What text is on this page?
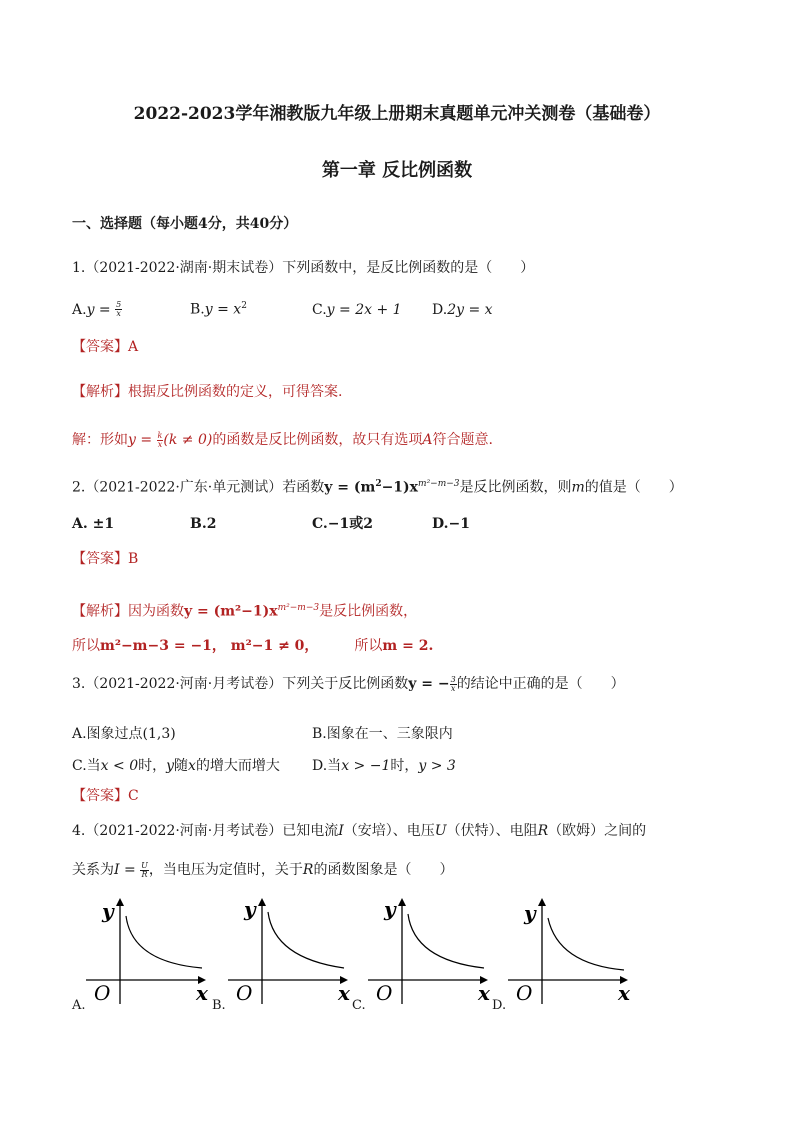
2022-2023学年湘教版九年级上册期末真题单元冲关测卷（基础卷）
第一章 反比例函数
一、选择题（每小题4分，共40分）
1.（2021-2022·湖南·期末试卷）下列函数中，是反比例函数的是（　　）
$A.y = \frac{5}{x}$	$B.y = x^2$	C.y = 2x + 1 D.2y = x
【答案】A
【解析】根据反比例函数的定义，可得答案.
解：形如$y = \frac{k}{x} (k \ne 0)$的函数是反比例函数，故只有选项A符合题意.
2.（2021-2022·广东·单元测试）若函数$y = (m^2-1)x^{m^2-m-3}$是反比例函数，则m的值是（　　）
A. ±1	B.2	C.−1或2	D.−1
【答案】B
【解析】因为函数$y = (m^2-1)x^{m^2-m-3}$是反比例函数，
所以m²−m−3 = −1， m²−1 ≠ 0，	所以m = 2.
3.（2021-2022·河南·月考试卷）下列关于反比例函数y = − $\frac{3}{x}$ 的结论中正确的是（　　）
A.图象过点(1,3)	B.图象在一、三象限内
C.当x < 0时，y随x的增大而增大 D.当x > −1时，y > 3
【答案】C
4.（2021-2022·河南·月考试卷）已知电流I（安培）、电压U（伏特）、电阻R（欧姆）之间的
关系为$I = \frac{U}{R}$ ，当电压为定值时，关于R的函数图象是（　　）
y
O	x
A.
y
O	x
B.
y
O	x
C.
y
O	x
D.
